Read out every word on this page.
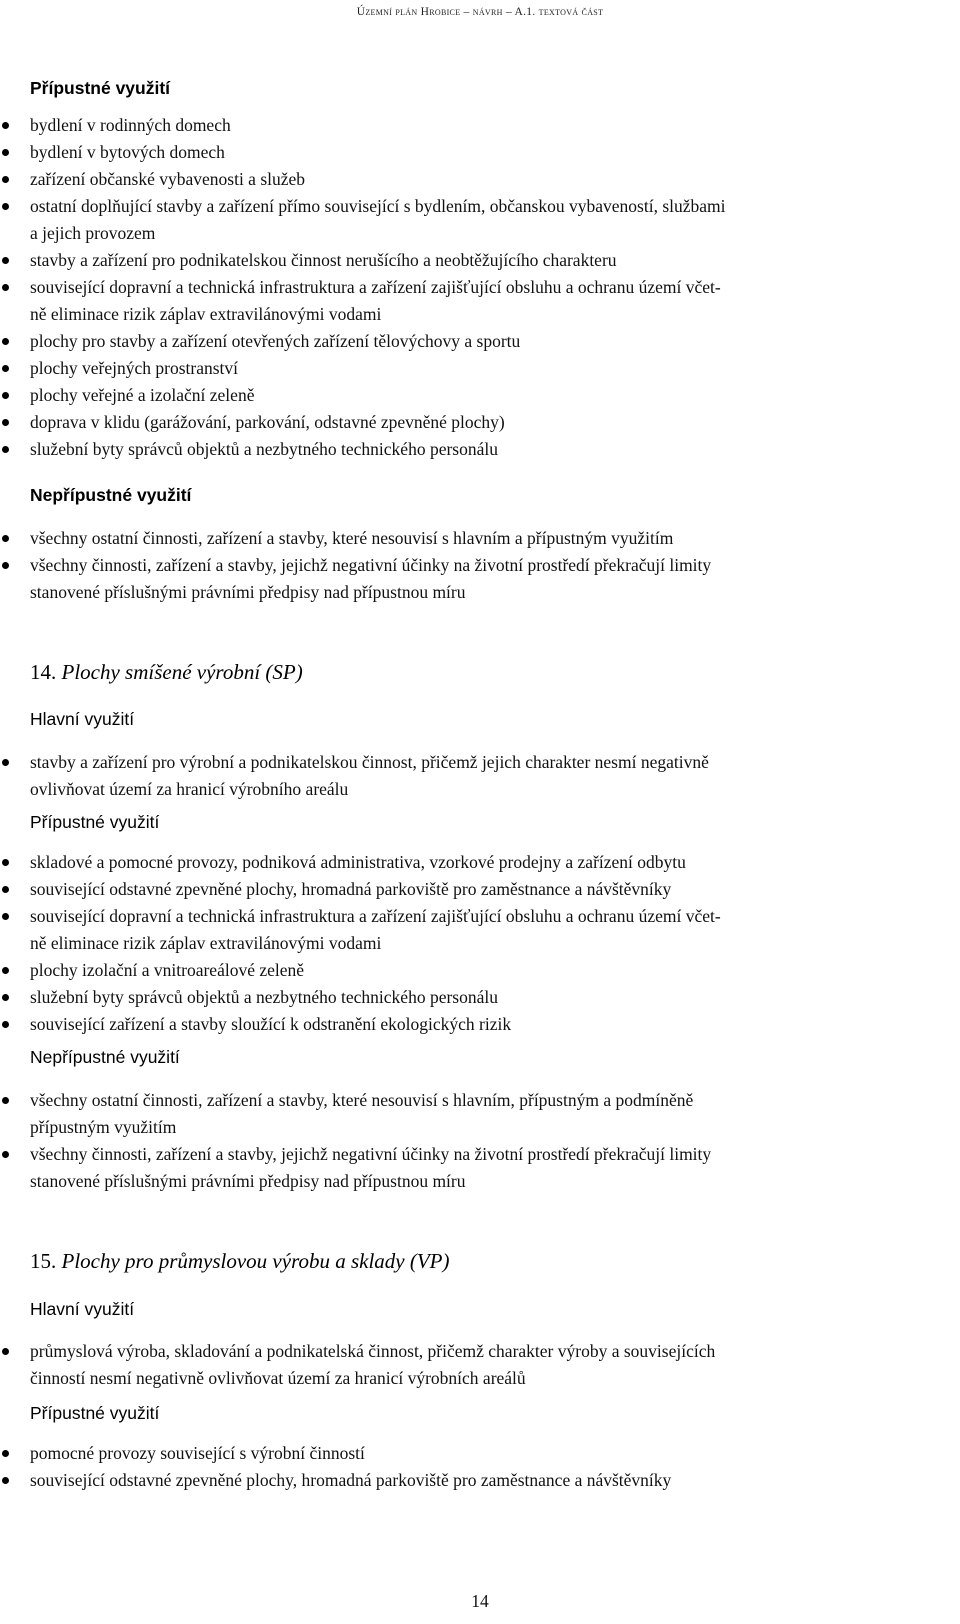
Územní plán Hrobice – návrh – A.1. textová část
Přípustné využití
bydlení v rodinných domech
bydlení v bytových domech
zařízení občanské vybavenosti a služeb
ostatní doplňující stavby a zařízení přímo související s bydlením, občanskou vybaveností, službami
a jejich provozem
stavby a zařízení pro podnikatelskou činnost nerušícího a neobtěžujícího charakteru
související dopravní a technická infrastruktura a zařízení zajišťující obsluhu a ochranu území včet-
ně eliminace rizik záplav extravilánovými vodami
plochy pro stavby a zařízení otevřených zařízení tělovýchovy a sportu
plochy veřejných prostranství
plochy veřejné a izolační zeleně
doprava v klidu (garážování, parkování, odstavné zpevněné plochy)
služební byty správců objektů a nezbytného technického personálu
Nepřípustné využití
všechny ostatní činnosti, zařízení a stavby, které nesouvisí s hlavním a přípustným využitím
všechny činnosti, zařízení a stavby, jejichž negativní účinky na životní prostředí překračují limity
stanovené příslušnými právními předpisy nad přípustnou míru
14. Plochy smíšené výrobní (SP)
Hlavní využití
stavby a zařízení pro výrobní a podnikatelskou činnost, přičemž jejich charakter nesmí negativně
ovlivňovat území za hranicí výrobního areálu
Přípustné využití
skladové a pomocné provozy, podniková administrativa, vzorkové prodejny a zařízení odbytu
související odstavné zpevněné plochy, hromadná parkoviště pro zaměstnance a návštěvníky
související dopravní a technická infrastruktura a zařízení zajišťující obsluhu a ochranu území včet-
ně eliminace rizik záplav extravilánovými vodami
plochy izolační a vnitroareálové zeleně
služební byty správců objektů a nezbytného technického personálu
související zařízení a stavby sloužící k odstranění ekologických rizik
Nepřípustné využití
všechny ostatní činnosti, zařízení a stavby, které nesouvisí s hlavním, přípustným a podmíněně
přípustným využitím
všechny činnosti, zařízení a stavby, jejichž negativní účinky na životní prostředí překračují limity
stanovené příslušnými právními předpisy nad přípustnou míru
15. Plochy pro průmyslovou výrobu a sklady (VP)
Hlavní využití
průmyslová výroba, skladování a podnikatelská činnost, přičemž charakter výroby a souvisejících
činností nesmí negativně ovlivňovat území za hranicí výrobních areálů
Přípustné využití
pomocné provozy související s výrobní činností
související odstavné zpevněné plochy, hromadná parkoviště pro zaměstnance a návštěvníky
14
